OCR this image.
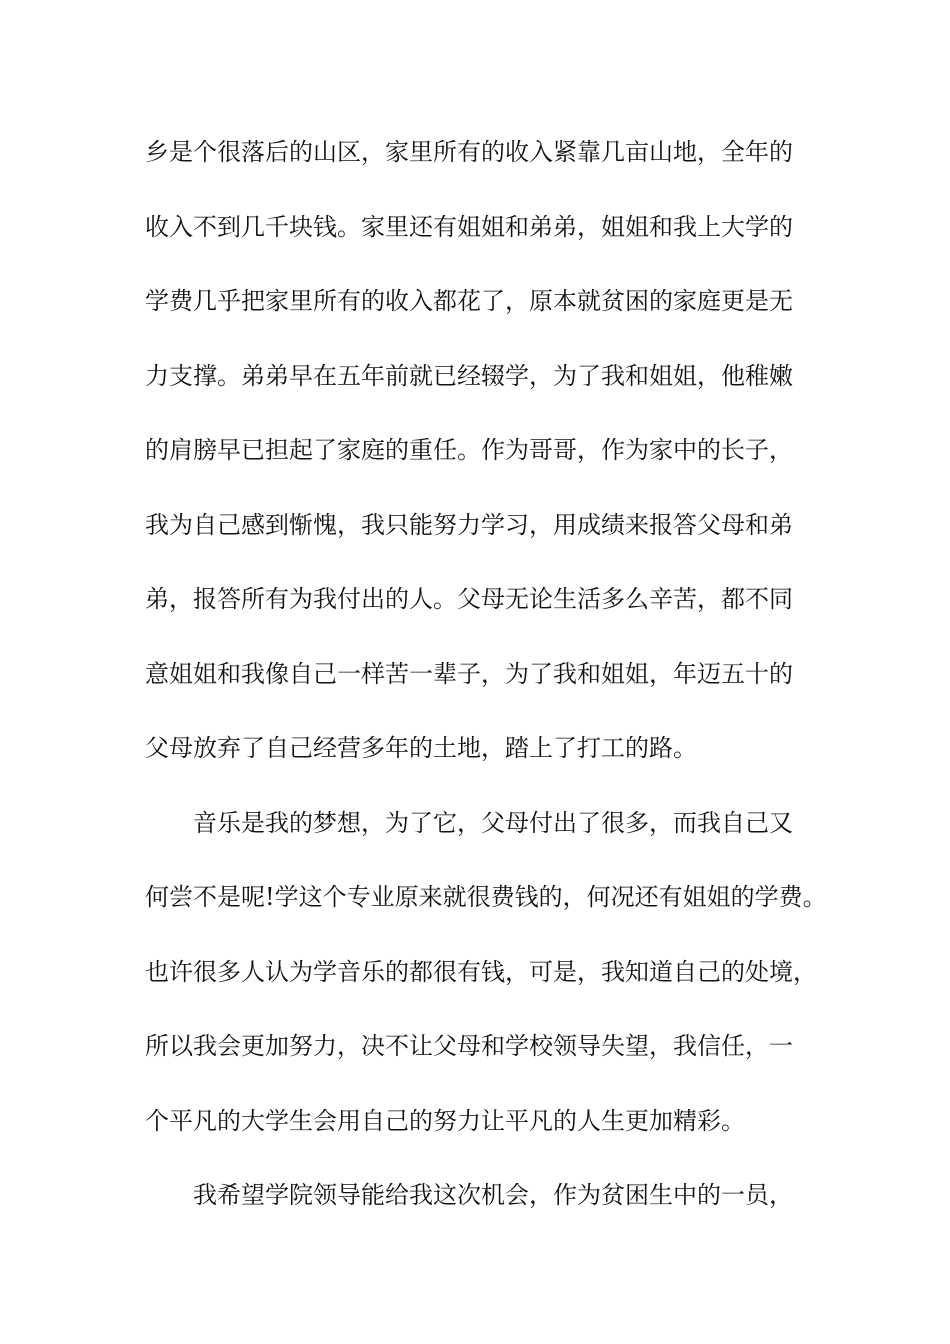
乡是个很落后的山区，家里所有的收入紧靠几亩山地，全年的
收入不到几千块钱。家里还有姐姐和弟弟，姐姐和我上大学的
学费几乎把家里所有的收入都花了，原本就贫困的家庭更是无
力支撑。弟弟早在五年前就已经辍学，为了我和姐姐，他稚嫩
的肩膀早已担起了家庭的重任。作为哥哥，作为家中的长子，
我为自己感到惭愧，我只能努力学习，用成绩来报答父母和弟
弟，报答所有为我付出的人。父母无论生活多么辛苦，都不同
意姐姐和我像自己一样苦一辈子，为了我和姐姐，年迈五十的
父母放弃了自己经营多年的土地，踏上了打工的路。
音乐是我的梦想，为了它，父母付出了很多，而我自己又
何尝不是呢!学这个专业原来就很费钱的，何况还有姐姐的学费。
也许很多人认为学音乐的都很有钱，可是，我知道自己的处境，
所以我会更加努力，决不让父母和学校领导失望，我信任，一
个平凡的大学生会用自己的努力让平凡的人生更加精彩。
我希望学院领导能给我这次机会，作为贫困生中的一员，
